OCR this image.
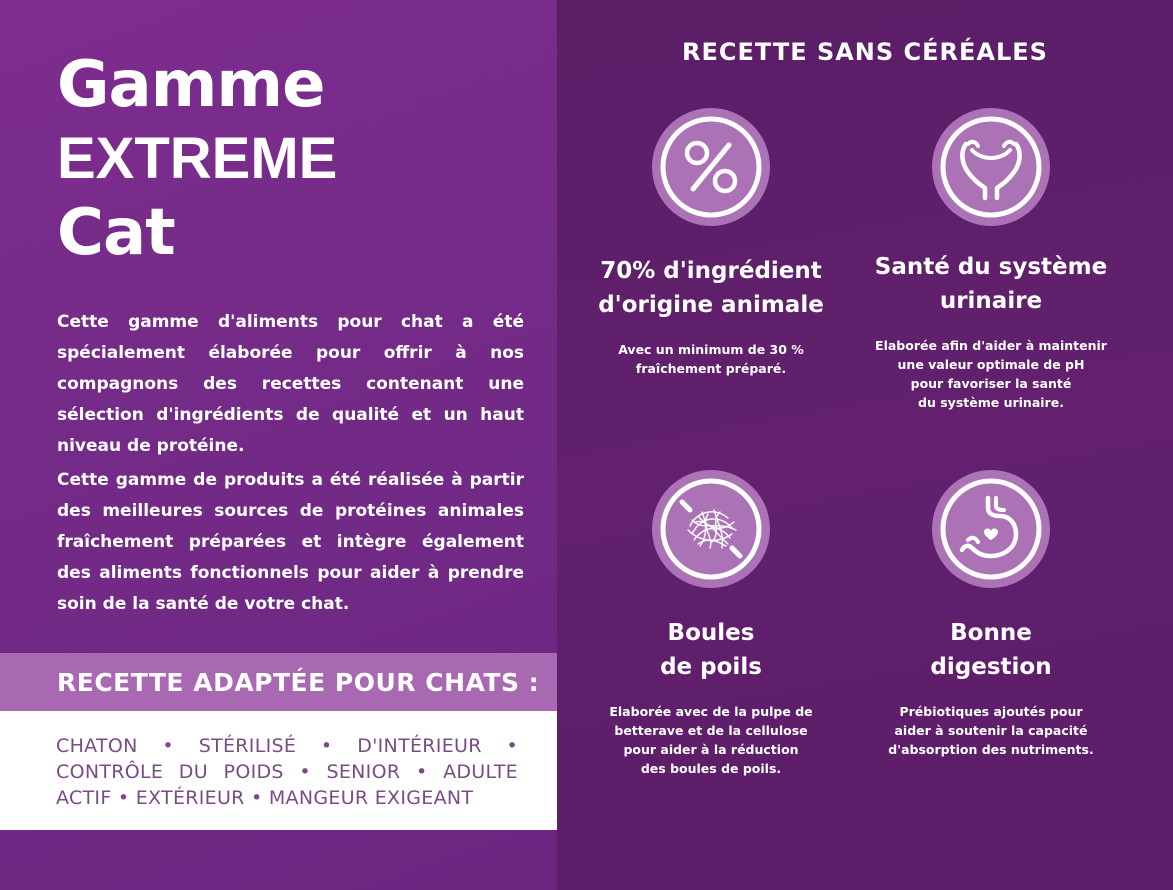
Gamme
EXTREME
Cat

Cette gamme d'aliments pour chat a été spécialement élaborée pour offrir à nos compagnons des recettes contenant une sélection d'ingrédients de qualité et un haut niveau de protéine.

Cette gamme de produits a été réalisée à partir des meilleures sources de protéines animales fraîchement préparées et intègre également des aliments fonctionnels pour aider à prendre soin de la santé de votre chat.

RECETTE ADAPTÉE POUR CHATS :
CHATON • STÉRILISÉ • D'INTÉRIEUR • CONTRÔLE DU POIDS • SENIOR • ADULTE ACTIF • EXTÉRIEUR • MANGEUR EXIGEANT
RECETTE SANS CÉRÉALES
70% d'ingrédient
d'origine animale
Avec un minimum de 30 %
fraîchement préparé.
Santé du système
urinaire
Elaborée afin d'aider à maintenir
une valeur optimale de pH
pour favoriser la santé
du système urinaire.
Boules
de poils
Elaborée avec de la pulpe de
betterave et de la cellulose
pour aider à la réduction
des boules de poils.
Bonne
digestion
Prébiotiques ajoutés pour
aider à soutenir la capacité
d'absorption des nutriments.
